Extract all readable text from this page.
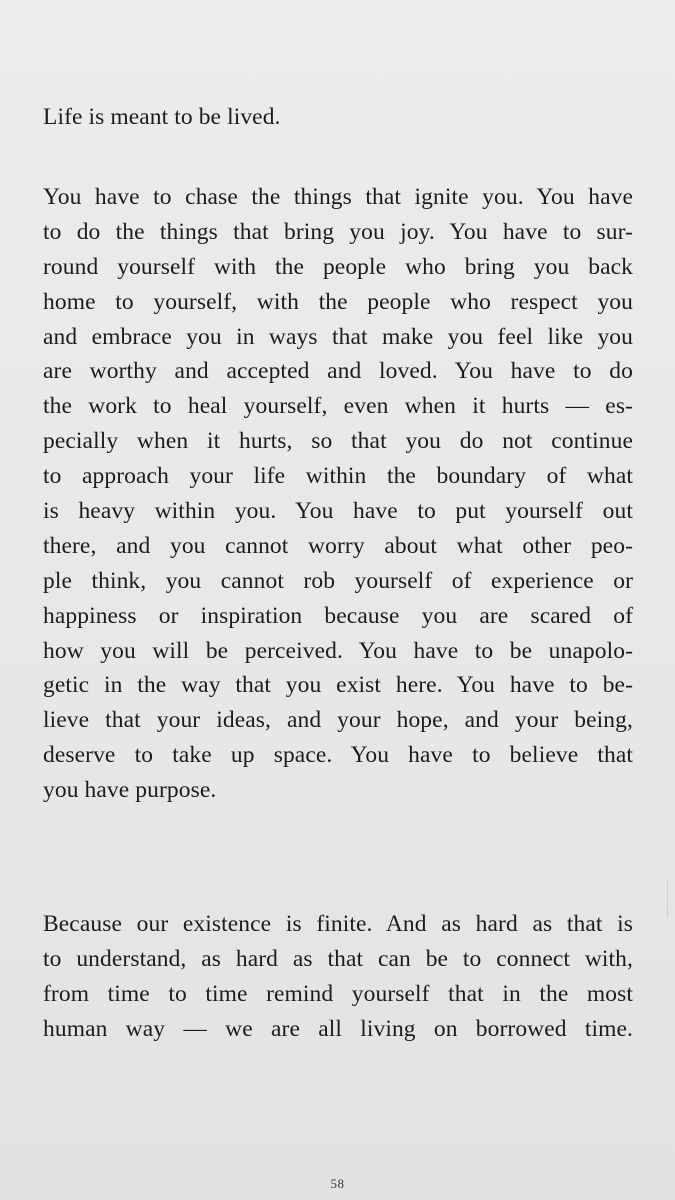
Life is meant to be lived.

You have to chase the things that ignite you. You have
to do the things that bring you joy. You have to sur-
round yourself with the people who bring you back
home to yourself, with the people who respect you
and embrace you in ways that make you feel like you
are worthy and accepted and loved. You have to do
the work to heal yourself, even when it hurts — es-
pecially when it hurts, so that you do not continue
to approach your life within the boundary of what
is heavy within you. You have to put yourself out
there, and you cannot worry about what other peo-
ple think, you cannot rob yourself of experience or
happiness or inspiration because you are scared of
how you will be perceived. You have to be unapolo-
getic in the way that you exist here. You have to be-
lieve that your ideas, and your hope, and your being,
deserve to take up space. You have to believe that
you have purpose.

Because our existence is finite. And as hard as that is
to understand, as hard as that can be to connect with,
from time to time remind yourself that in the most
human way — we are all living on borrowed time.

58
